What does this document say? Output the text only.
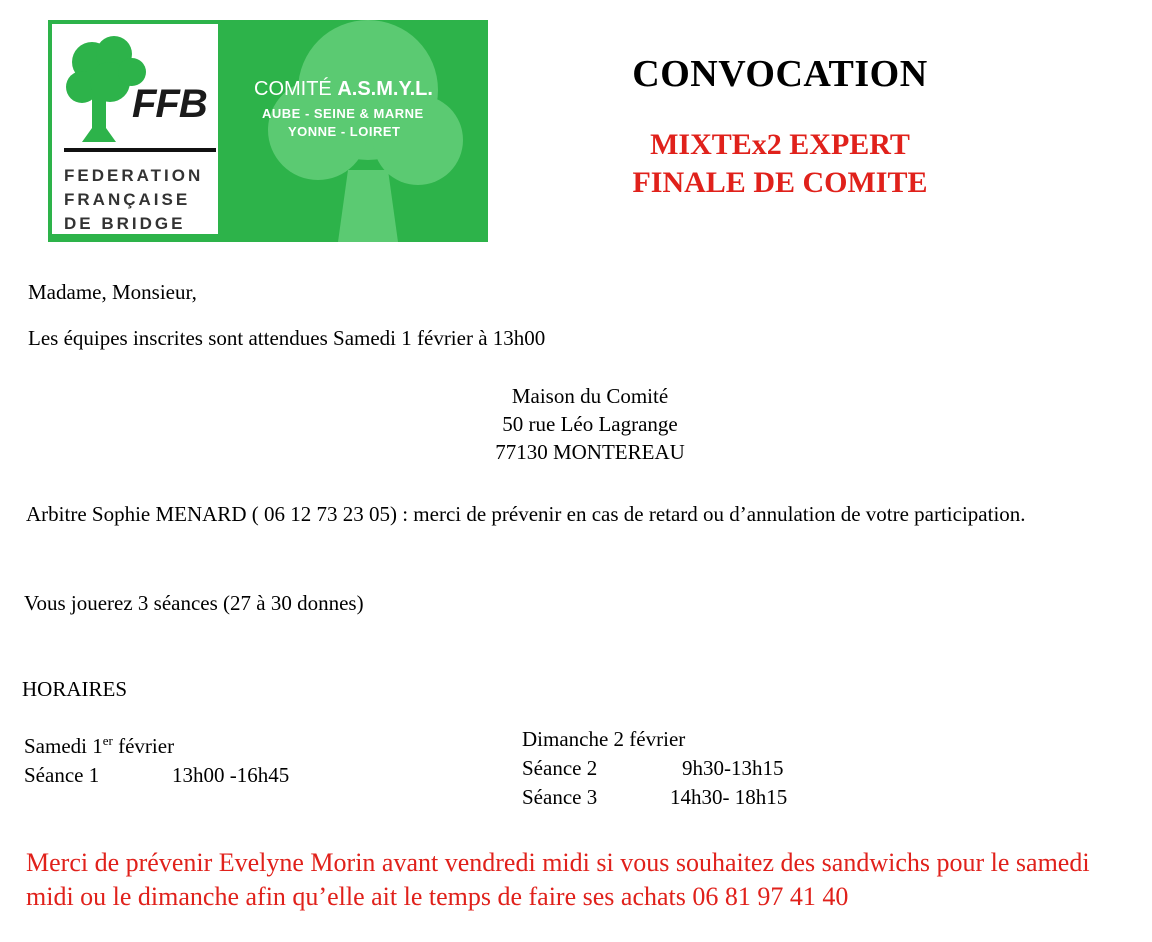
FFB
FEDERATION
FRANÇAISE
DE BRIDGE
COMITÉ A.S.M.Y.L.
AUBE - SEINE & MARNE
YONNE - LOIRET
CONVOCATION
MIXTEx2 EXPERT
FINALE DE COMITE
Madame, Monsieur,
Les équipes inscrites sont attendues Samedi 1 février à 13h00
Maison du Comité
50 rue Léo Lagrange
77130 MONTEREAU
Arbitre Sophie MENARD ( 06 12 73 23 05) : merci de prévenir en cas de retard ou d’annulation de votre participation.
Vous jouerez 3 séances (27 à 30 donnes)
HORAIRES
Samedi 1er février
Séance 1	13h00 -16h45
Dimanche 2 février
Séance 2	9h30-13h15
Séance 3	14h30- 18h15
Merci de prévenir Evelyne Morin avant vendredi midi si vous souhaitez des sandwichs pour le samedi midi ou le dimanche afin qu’elle ait le temps de faire ses achats 06 81 97 41 40
